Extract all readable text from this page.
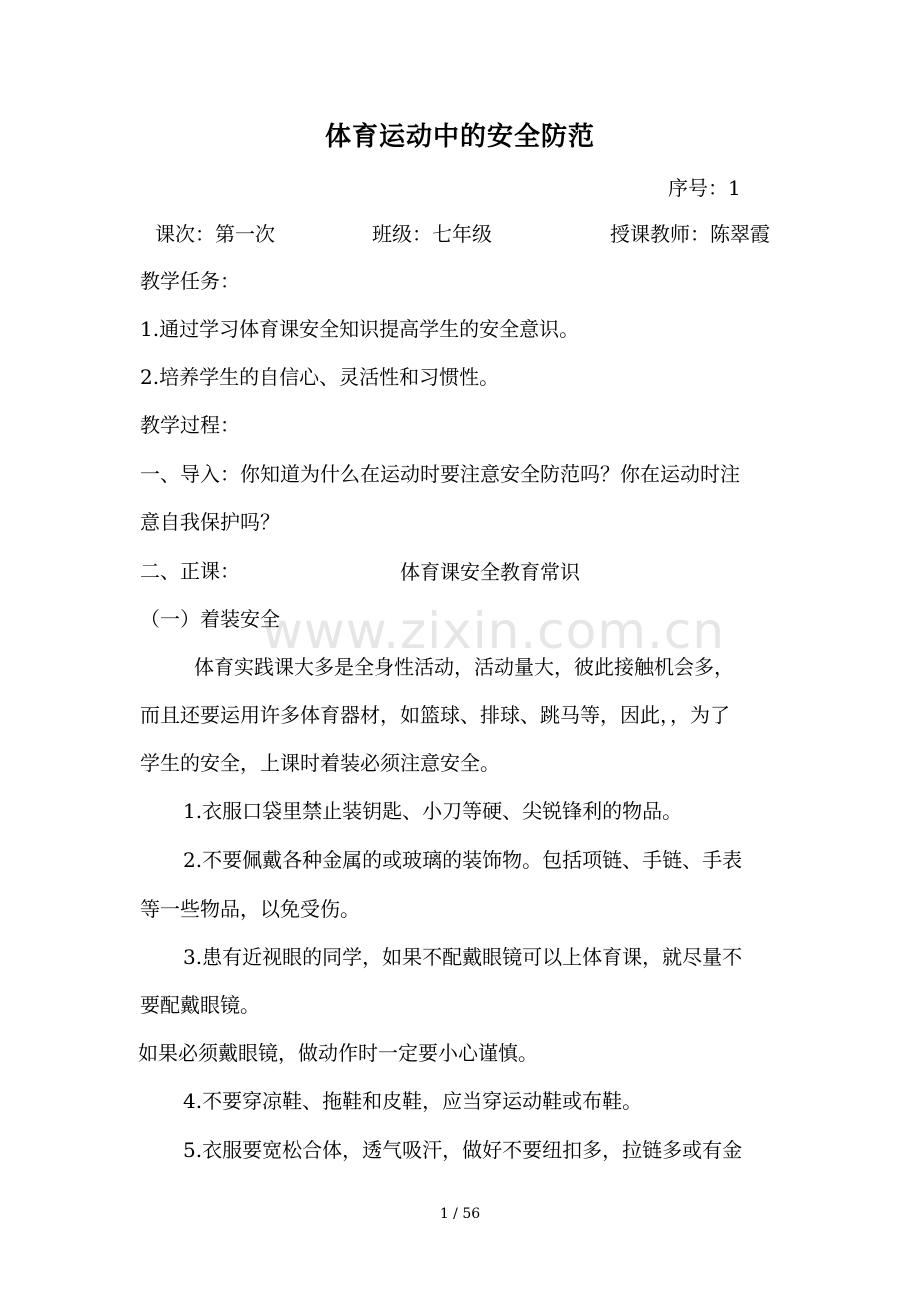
体育运动中的安全防范
序号：1
课次：第一次	班级：七年级	授课教师：陈翠霞
教学任务：
1.通过学习体育课安全知识提高学生的安全意识。
2.培养学生的自信心、灵活性和习惯性。
教学过程：
一、导入：你知道为什么在运动时要注意安全防范吗？你在运动时注
意自我保护吗？
二、正课：	体育课安全教育常识
www.zixin.com.cn
（一）着装安全
体育实践课大多是全身性活动，活动量大，彼此接触机会多，
而且还要运用许多体育器材，如篮球、排球、跳马等，因此，，为了
学生的安全，上课时着装必须注意安全。
1.衣服口袋里禁止装钥匙、小刀等硬、尖锐锋利的物品。
2.不要佩戴各种金属的或玻璃的装饰物。包括项链、手链、手表
等一些物品，以免受伤。
3.患有近视眼的同学，如果不配戴眼镜可以上体育课，就尽量不
要配戴眼镜。
如果必须戴眼镜，做动作时一定要小心谨慎。
4.不要穿凉鞋、拖鞋和皮鞋，应当穿运动鞋或布鞋。
5.衣服要宽松合体，透气吸汗，做好不要纽扣多，拉链多或有金
1 / 56
